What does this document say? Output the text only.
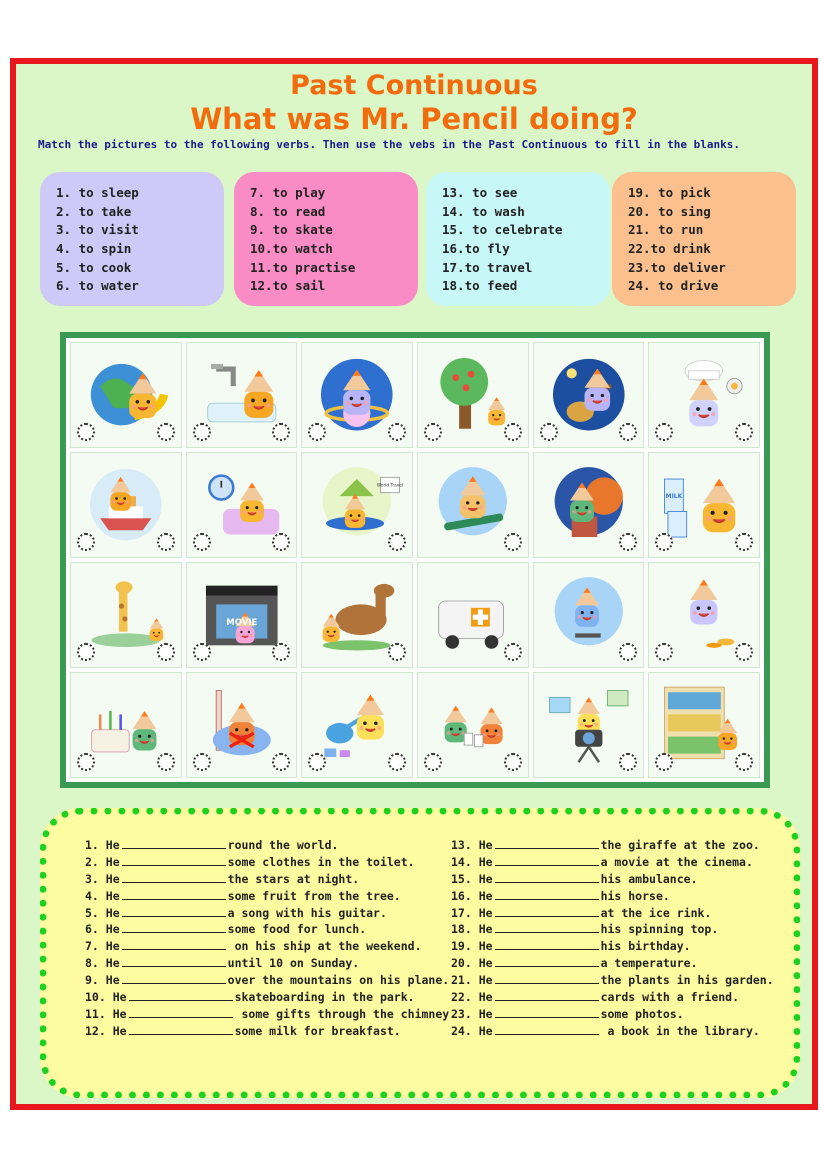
Past Continuous
What was Mr. Pencil doing?
Match the pictures to the following verbs. Then use the vebs in the Past Continuous to fill in the blanks.
1. to sleep
2. to take
3. to visit
4. to spin
5. to cook
6. to water
7. to play
8. to read
9. to skate
10.to watch
11.to practise
12.to sail
13. to see
14. to wash
15. to celebrate
16.to fly
17.to travel
18.to feed
19. to pick
20. to sing
21. to run
22.to drink
23.to deliver
24. to drive
World Travel
MILK
MOVIE
1. He	round the world.
2. He	some clothes in the toilet.
3. He	the stars at night.
4. He	some fruit from the tree.
5. He	a song with his guitar.
6. He	some food for lunch.
7. He	on his ship at the weekend.
8. He	until 10 on Sunday.
9. He	over the mountains on his plane.
10. He	skateboarding in the park.
11. He	some gifts through the chimney.
12. He	some milk for breakfast.
13. He	the giraffe at the zoo.
14. He	a movie at the cinema.
15. He	his ambulance.
16. He	his horse.
17. He	at the ice rink.
18. He	his spinning top.
19. He	his birthday.
20. He	a temperature.
21. He	the plants in his garden.
22. He	cards with a friend.
23. He	some photos.
24. He	a book in the library.
